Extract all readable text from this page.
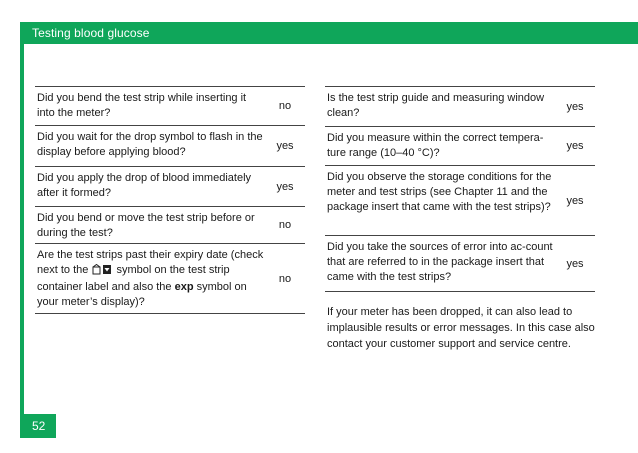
Testing blood glucose
52
Did you bend the test strip while inserting it into the meter?
no
Did you wait for the drop symbol to flash in the display before applying blood?	yes
Did you apply the drop of blood immediately after it formed?
yes
Did you bend or move the test strip before or during the test?
no
Are the test strips past their expiry date (check next to the	symbol on the test strip container label and also the exp symbol on your meter’s display)?
no
Is the test strip guide and measuring window clean?
yes
Did you measure within the correct tempera-ture range (10–40 °C)?
yes
Did you observe the storage conditions for the meter and test strips (see Chapter 11 and the package insert that came with the test strips)?
yes
Did you take the sources of error into ac-count that are referred to in the package insert that came with the test strips?
yes
If your meter has been dropped, it can also lead to implausible results or error messages. In this case also contact your customer support and service centre.
